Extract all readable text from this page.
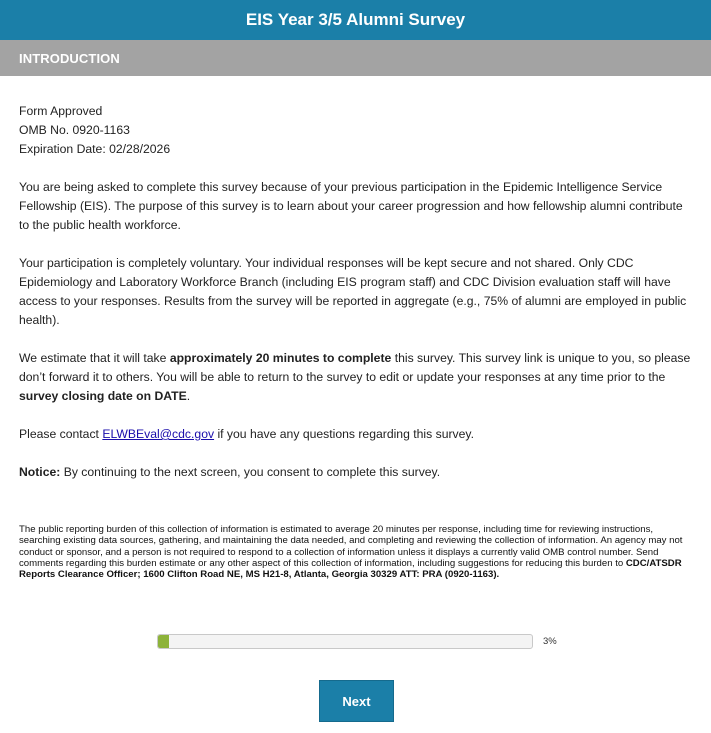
EIS Year 3/5 Alumni Survey
INTRODUCTION

Form Approved
OMB No. 0920-1163
Expiration Date: 02/28/2026

You are being asked to complete this survey because of your previous participation in the Epidemic Intelligence Service Fellowship (EIS). The purpose of this survey is to learn about your career progression and how fellowship alumni contribute to the public health workforce.

Your participation is completely voluntary. Your individual responses will be kept secure and not shared. Only CDC Epidemiology and Laboratory Workforce Branch (including EIS program staff) and CDC Division evaluation staff will have access to your responses. Results from the survey will be reported in aggregate (e.g., 75% of alumni are employed in public health).

We estimate that it will take approximately 20 minutes to complete this survey. This survey link is unique to you, so please don’t forward it to others. You will be able to return to the survey to edit or update your responses at any time prior to the survey closing date on DATE.

Please contact ELWBEval@cdc.gov if you have any questions regarding this survey.

Notice: By continuing to the next screen, you consent to complete this survey.

The public reporting burden of this collection of information is estimated to average 20 minutes per response, including time for reviewing instructions, searching existing data sources, gathering, and maintaining the data needed, and completing and reviewing the collection of information. An agency may not conduct or sponsor, and a person is not required to respond to a collection of information unless it displays a currently valid OMB control number. Send comments regarding this burden estimate or any other aspect of this collection of information, including suggestions for reducing this burden to CDC/ATSDR Reports Clearance Officer; 1600 Clifton Road NE, MS H21-8, Atlanta, Georgia 30329 ATT: PRA (0920-1163).
3%
Next
